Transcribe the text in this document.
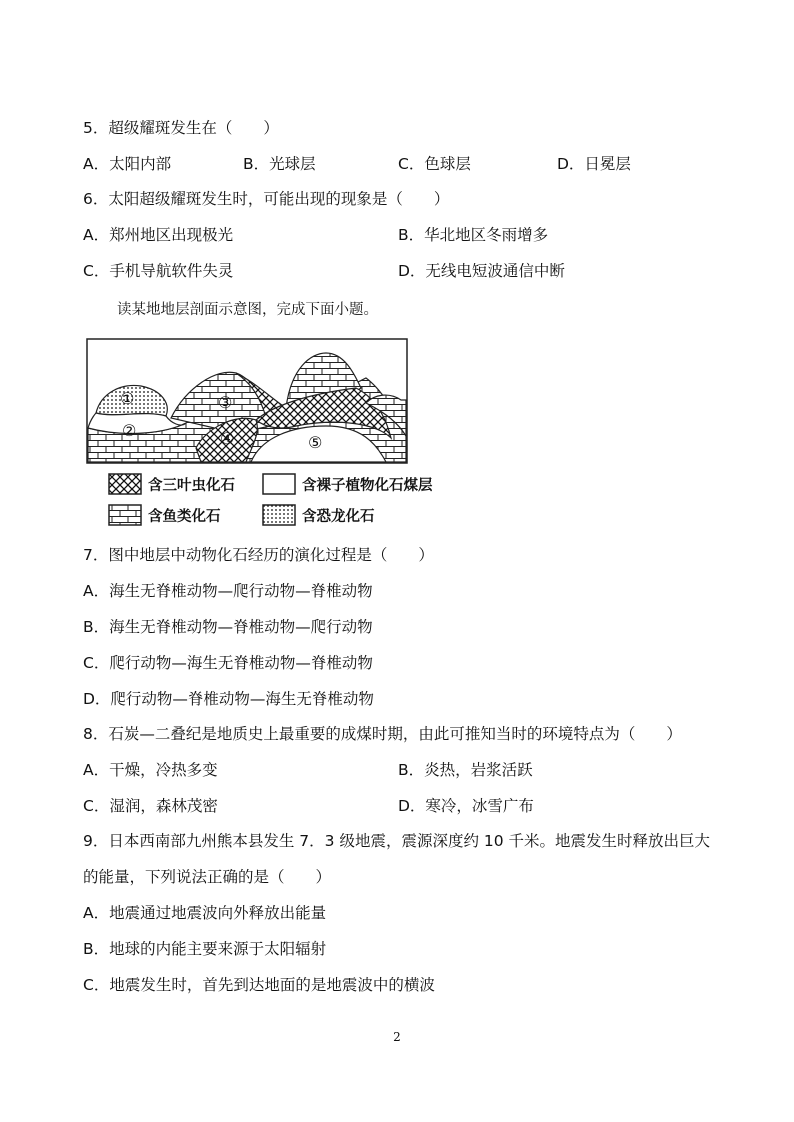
5．超级耀斑发生在（　　）
A．太阳内部	B．光球层	C．色球层	D．日冕层
6．太阳超级耀斑发生时，可能出现的现象是（　　）
A．郑州地区出现极光	B．华北地区冬雨增多
C．手机导航软件失灵	D．无线电短波通信中断
读某地地层剖面示意图，完成下面小题。
①
②
③
④	⑤
含三叶虫化石	含裸子植物化石煤层
含鱼类化石	含恐龙化石
7．图中地层中动物化石经历的演化过程是（　　）
A．海生无脊椎动物—爬行动物—脊椎动物
B．海生无脊椎动物—脊椎动物—爬行动物
C．爬行动物—海生无脊椎动物—脊椎动物
D．爬行动物—脊椎动物—海生无脊椎动物
8．石炭—二叠纪是地质史上最重要的成煤时期，由此可推知当时的环境特点为（　　）
A．干燥，冷热多变	B．炎热，岩浆活跃
C．湿润，森林茂密	D．寒冷，冰雪广布
9．日本西南部九州熊本县发生 7．3 级地震，震源深度约 10 千米。地震发生时释放出巨大
的能量，下列说法正确的是（　　）
A．地震通过地震波向外释放出能量
B．地球的内能主要来源于太阳辐射
C．地震发生时，首先到达地面的是地震波中的横波
2
